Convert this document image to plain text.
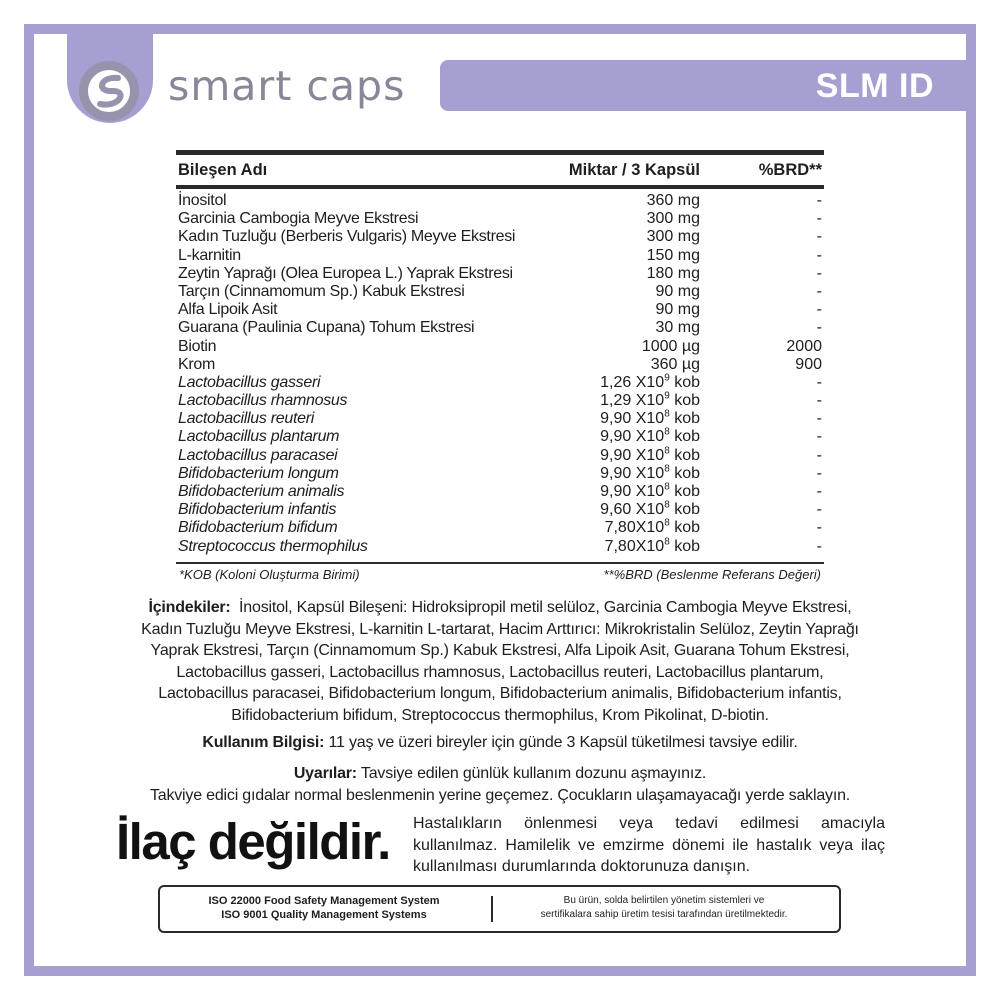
smart caps	SLM ID
Bileşen Adı	Miktar / 3 Kapsül	%BRD**
İnositol	360 mg	-
Garcinia Cambogia Meyve Ekstresi	300 mg	-
Kadın Tuzluğu (Berberis Vulgaris) Meyve Ekstresi	300 mg	-
L-karnitin	150 mg	-
Zeytin Yaprağı (Olea Europea L.) Yaprak Ekstresi	180 mg	-
Tarçın (Cinnamomum Sp.) Kabuk Ekstresi	90 mg	-
Alfa Lipoik Asit	90 mg	-
Guarana (Paulinia Cupana) Tohum Ekstresi	30 mg	-
Biotin	1000 µg	2000
Krom	360 µg	900
Lactobacillus gasseri	1,26 $X10^9$ kob	-
Lactobacillus rhamnosus	1,29 $X10^9$ kob	-
Lactobacillus reuteri	9,90 $X10^8$ kob	-
Lactobacillus plantarum	9,90 $X10^8$ kob	-
Lactobacillus paracasei	9,90 $X10^8$ kob	-
Bifidobacterium longum	9,90 $X10^8$ kob	-
Bifidobacterium animalis	9,90 $X10^8$ kob	-
Bifidobacterium infantis	9,60 $X10^8$ kob	-
Bifidobacterium bifidum	$7,80X10^8$ kob	-
Streptococcus thermophilus	$7,80X10^8$ kob	-
*KOB (Koloni Oluşturma Birimi)	**%BRD (Beslenme Referans Değeri)
İçindekiler: İnositol, Kapsül Bileşeni: Hidroksipropil metil selüloz, Garcinia Cambogia Meyve Ekstresi,
Kadın Tuzluğu Meyve Ekstresi, L-karnitin L-tartarat, Hacim Arttırıcı: Mikrokristalin Selüloz, Zeytin Yaprağı
Yaprak Ekstresi, Tarçın (Cinnamomum Sp.) Kabuk Ekstresi, Alfa Lipoik Asit, Guarana Tohum Ekstresi,
Lactobacillus gasseri, Lactobacillus rhamnosus, Lactobacillus reuteri, Lactobacillus plantarum,
Lactobacillus paracasei, Bifidobacterium longum, Bifidobacterium animalis, Bifidobacterium infantis,
Bifidobacterium bifidum, Streptococcus thermophilus, Krom Pikolinat, D-biotin.
Kullanım Bilgisi: 11 yaş ve üzeri bireyler için günde 3 Kapsül tüketilmesi tavsiye edilir.
Uyarılar: Tavsiye edilen günlük kullanım dozunu aşmayınız.
Takviye edici gıdalar normal beslenmenin yerine geçemez. Çocukların ulaşamayacağı yerde saklayın.
İlaç değildir. Hastalıkların önlenmesi veya tedavi edilmesi amacıyla kullanılmaz. Hamilelik ve emzirme dönemi ile hastalık veya ilaç kullanılması durumlarında doktorunuza danışın.
ISO 22000 Food Safety Management System
ISO 9001 Quality Management Systems
Bu ürün, solda belirtilen yönetim sistemleri ve
sertifikalara sahip üretim tesisi tarafından üretilmektedir.
